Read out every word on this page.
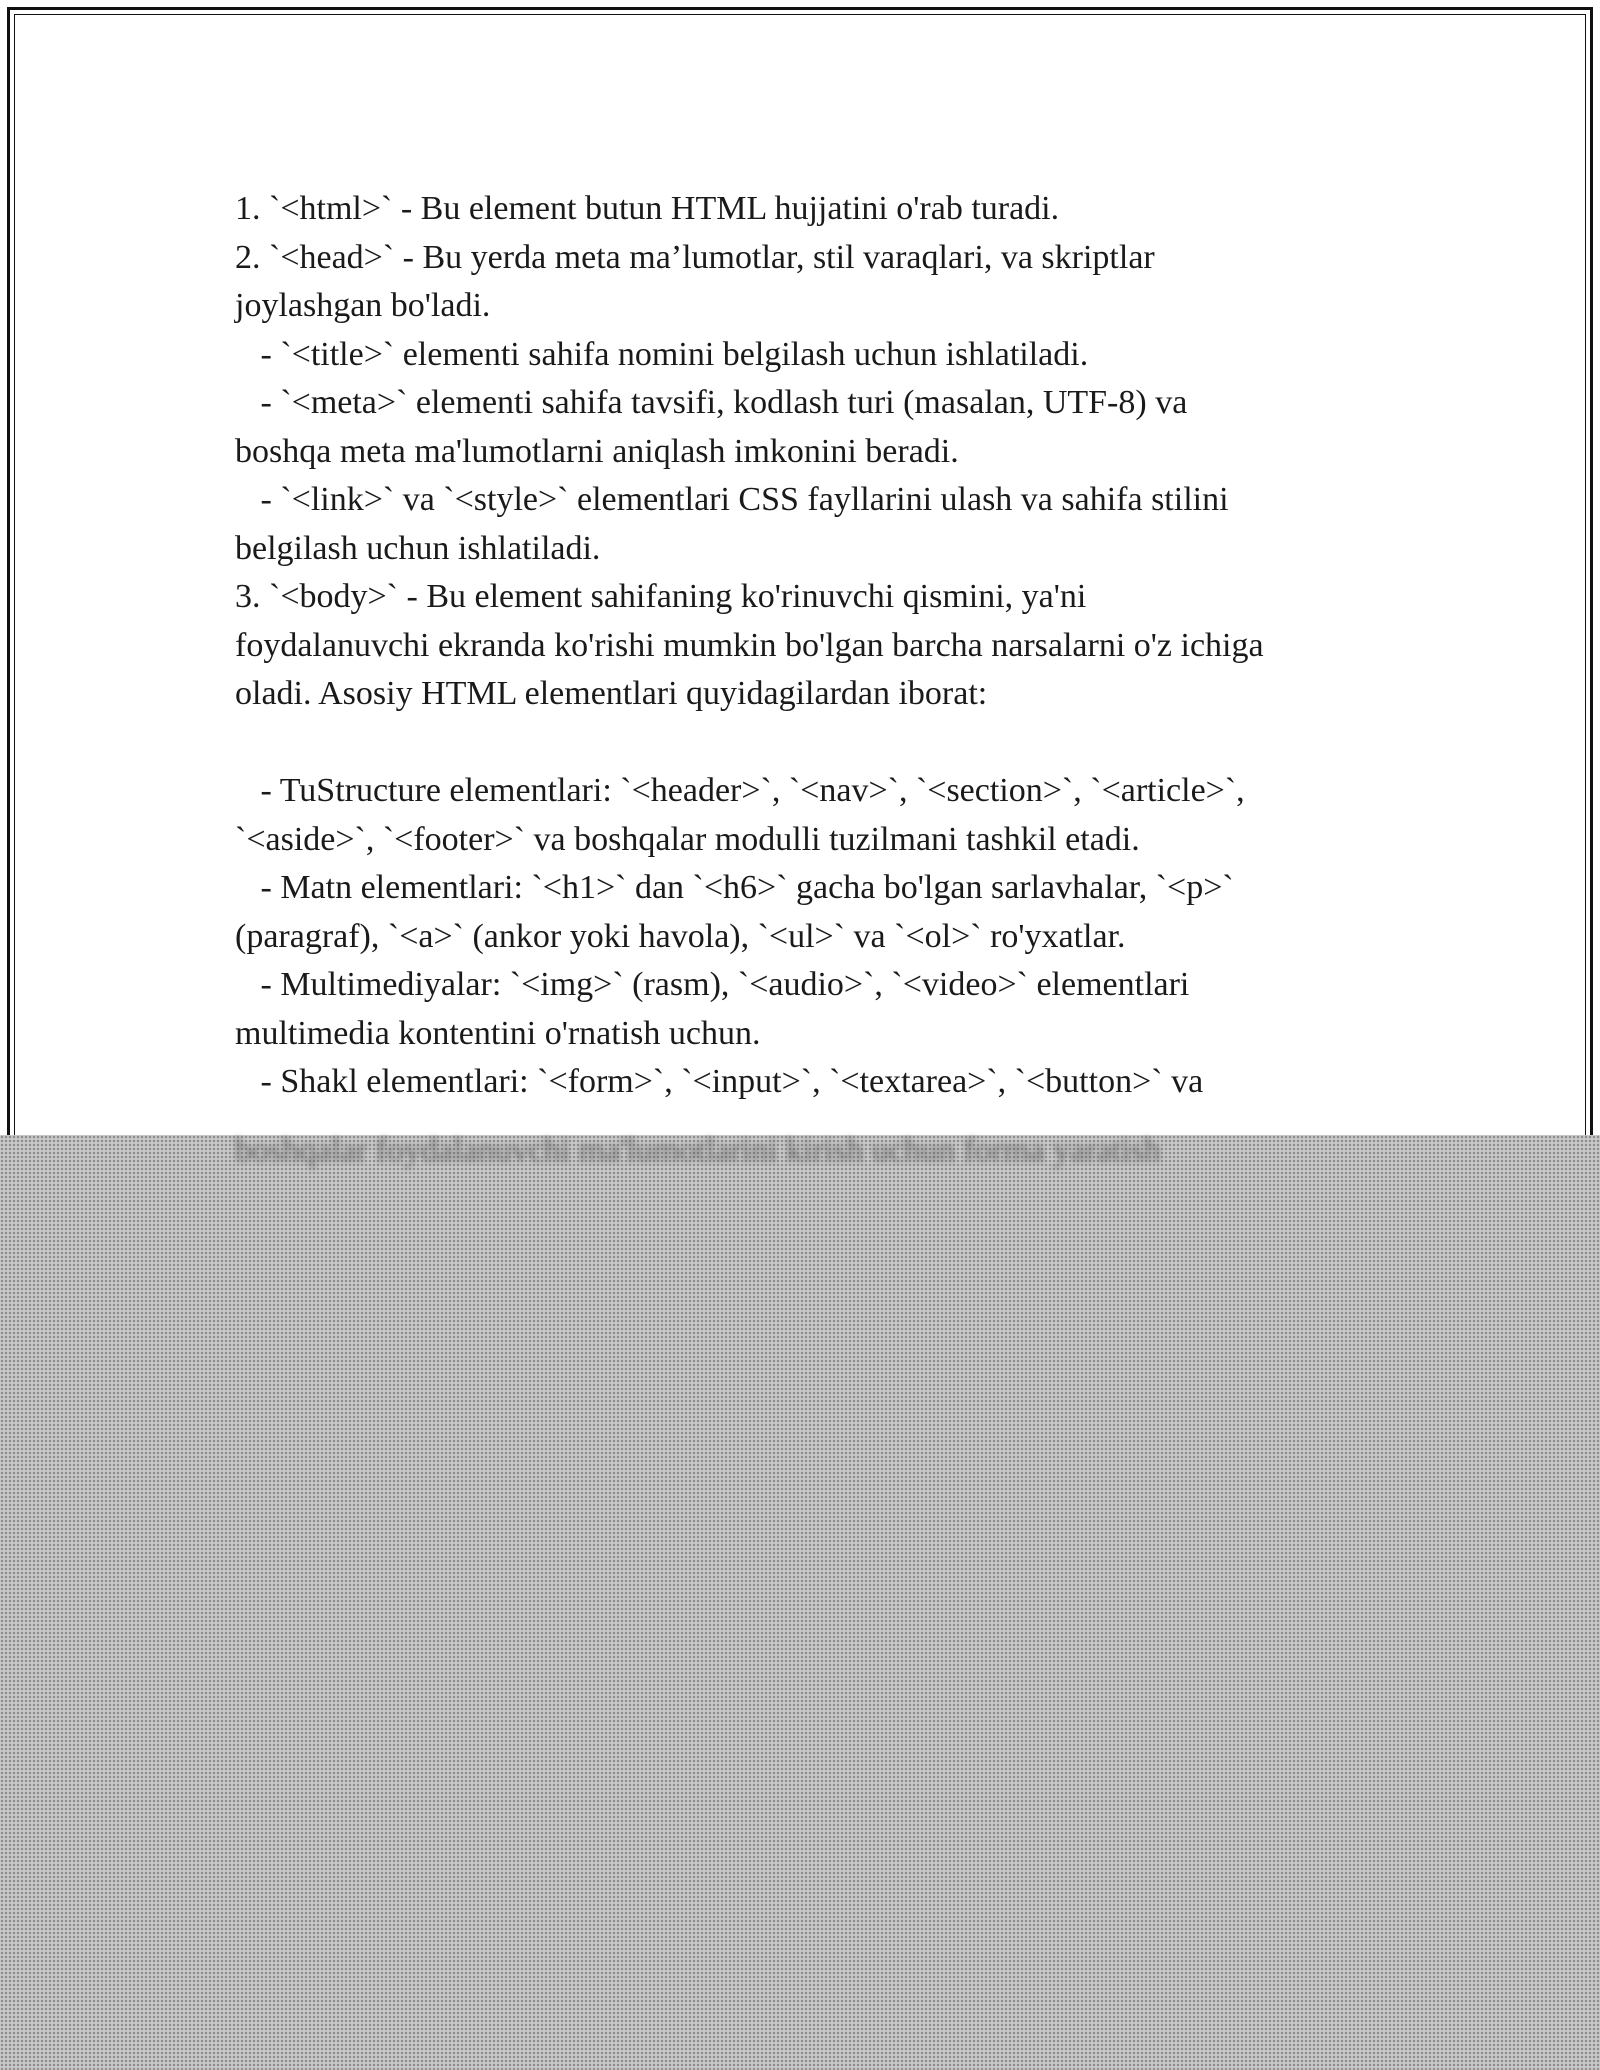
1. `<html>` - Bu element butun HTML hujjatini o'rab turadi.
2. `<head>` - Bu yerda meta ma’lumotlar, stil varaqlari, va skriptlar
joylashgan bo'ladi.
- `<title>` elementi sahifa nomini belgilash uchun ishlatiladi.
- `<meta>` elementi sahifa tavsifi, kodlash turi (masalan, UTF-8) va
boshqa meta ma'lumotlarni aniqlash imkonini beradi.
- `<link>` va `<style>` elementlari CSS fayllarini ulash va sahifa stilini
belgilash uchun ishlatiladi.
3. `<body>` - Bu element sahifaning ko'rinuvchi qismini, ya'ni
foydalanuvchi ekranda ko'rishi mumkin bo'lgan barcha narsalarni o'z ichiga
oladi. Asosiy HTML elementlari quyidagilardan iborat:
- TuStructure elementlari: `<header>`, `<nav>`, `<section>`, `<article>`,
`<aside>`, `<footer>` va boshqalar modulli tuzilmani tashkil etadi.
- Matn elementlari: `<h1>` dan `<h6>` gacha bo'lgan sarlavhalar, `<p>`
(paragraf), `<a>` (ankor yoki havola), `<ul>` va `<ol>` ro'yxatlar.
- Multimediyalar: `<img>` (rasm), `<audio>`, `<video>` elementlari
multimedia kontentini o'rnatish uchun.
- Shakl elementlari: `<form>`, `<input>`, `<textarea>`, `<button>` va
boshqalar foydalanuvchi ma'lumotlarini kirish uchun forma yaratish
